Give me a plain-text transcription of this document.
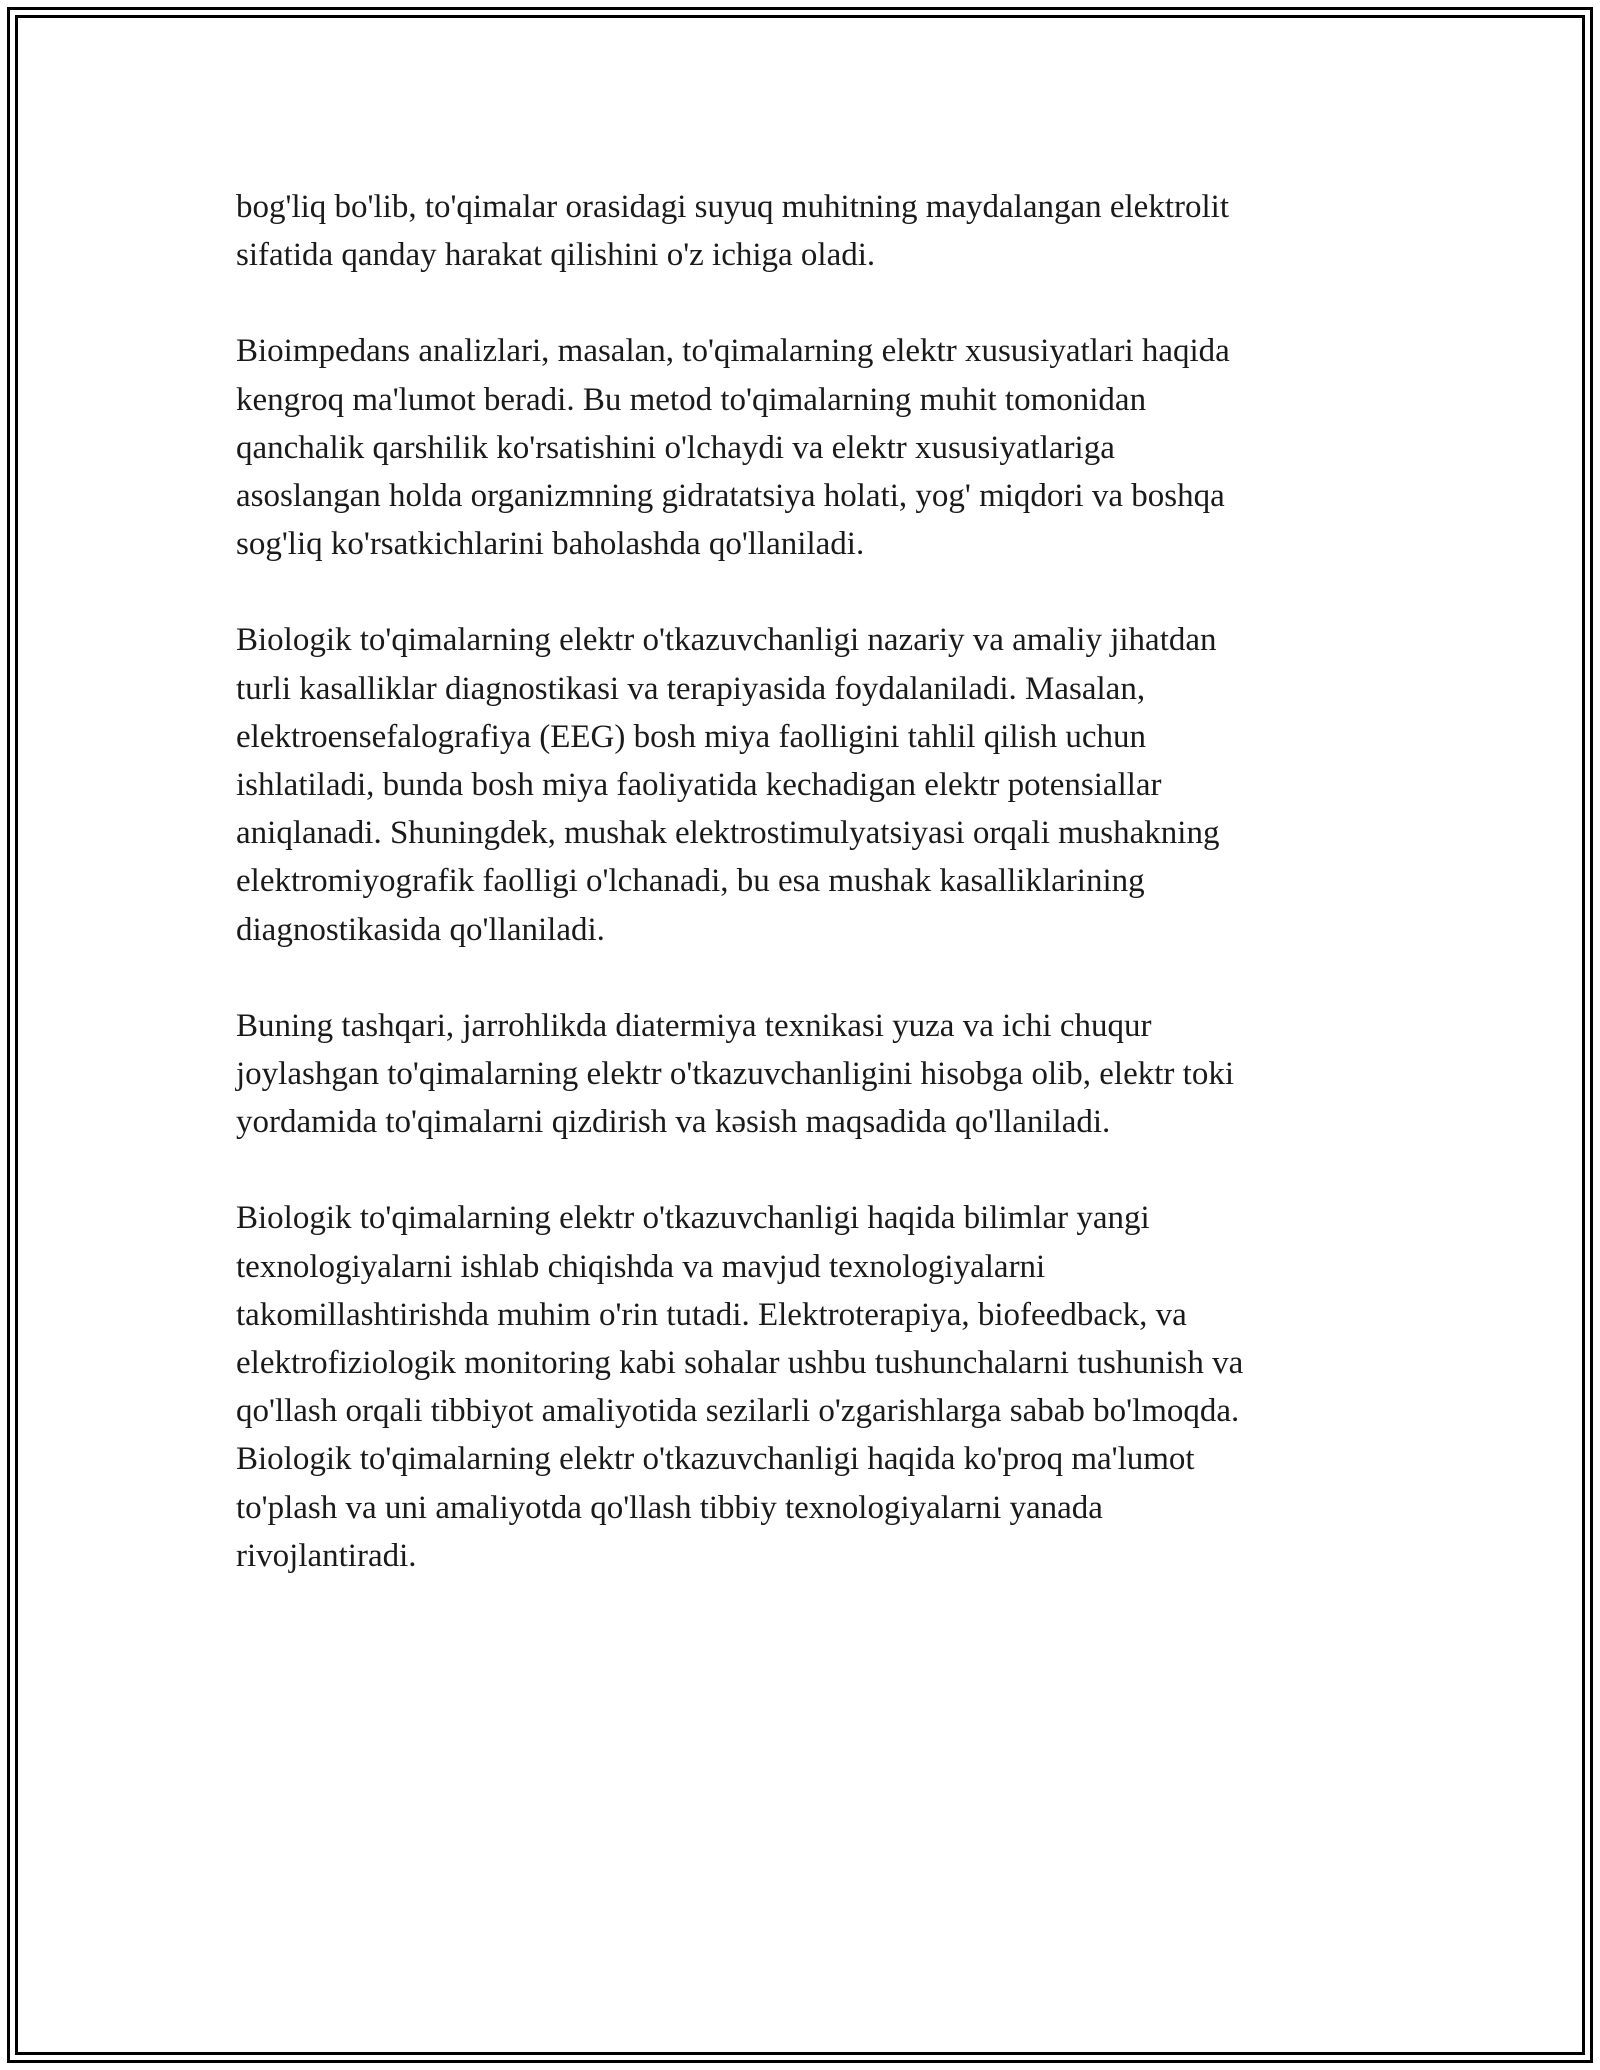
bog'liq bo'lib, to'qimalar orasidagi suyuq muhitning maydalangan elektrolit
sifatida qanday harakat qilishini o'z ichiga oladi.

Bioimpedans analizlari, masalan, to'qimalarning elektr xususiyatlari haqida
kengroq ma'lumot beradi. Bu metod to'qimalarning muhit tomonidan
qanchalik qarshilik ko'rsatishini o'lchaydi va elektr xususiyatlariga
asoslangan holda organizmning gidratatsiya holati, yog' miqdori va boshqa
sog'liq ko'rsatkichlarini baholashda qo'llaniladi.

Biologik to'qimalarning elektr o'tkazuvchanligi nazariy va amaliy jihatdan
turli kasalliklar diagnostikasi va terapiyasida foydalaniladi. Masalan,
elektroensefalografiya (EEG) bosh miya faolligini tahlil qilish uchun
ishlatiladi, bunda bosh miya faoliyatida kechadigan elektr potensiallar
aniqlanadi. Shuningdek, mushak elektrostimulyatsiyasi orqali mushakning
elektromiyografik faolligi o'lchanadi, bu esa mushak kasalliklarining
diagnostikasida qo'llaniladi.

Buning tashqari, jarrohlikda diatermiya texnikasi yuza va ichi chuqur
joylashgan to'qimalarning elektr o'tkazuvchanligini hisobga olib, elektr toki
yordamida to'qimalarni qizdirish va kəsish maqsadida qo'llaniladi.

Biologik to'qimalarning elektr o'tkazuvchanligi haqida bilimlar yangi
texnologiyalarni ishlab chiqishda va mavjud texnologiyalarni
takomillashtirishda muhim o'rin tutadi. Elektroterapiya, biofeedback, va
elektrofiziologik monitoring kabi sohalar ushbu tushunchalarni tushunish va
qo'llash orqali tibbiyot amaliyotida sezilarli o'zgarishlarga sabab bo'lmoqda.
Biologik to'qimalarning elektr o'tkazuvchanligi haqida ko'proq ma'lumot
to'plash va uni amaliyotda qo'llash tibbiy texnologiyalarni yanada
rivojlantiradi.
